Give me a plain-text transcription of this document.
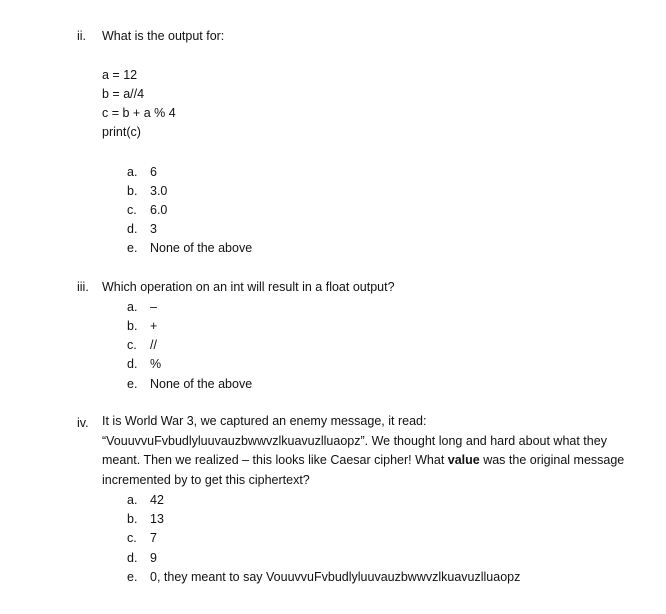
ii. What is the output for:
a = 12
b = a//4
c = b + a % 4
print(c)
a. 6
b. 3.0
c. 6.0
d. 3
e. None of the above
iii. Which operation on an int will result in a float output?
a. –
b. +
c. //
d. %
e. None of the above
iv. It is World War 3, we captured an enemy message, it read: “VouuvvuFvbudlyluuvauzbwwvzlkuavuzlluaopz”. We thought long and hard about what they meant. Then we realized – this looks like Caesar cipher! What value was the original message incremented by to get this ciphertext?
a. 42
b. 13
c. 7
d. 9
e. 0, they meant to say VouuvvuFvbudlyluuvauzbwwvzlkuavuzlluaopz
